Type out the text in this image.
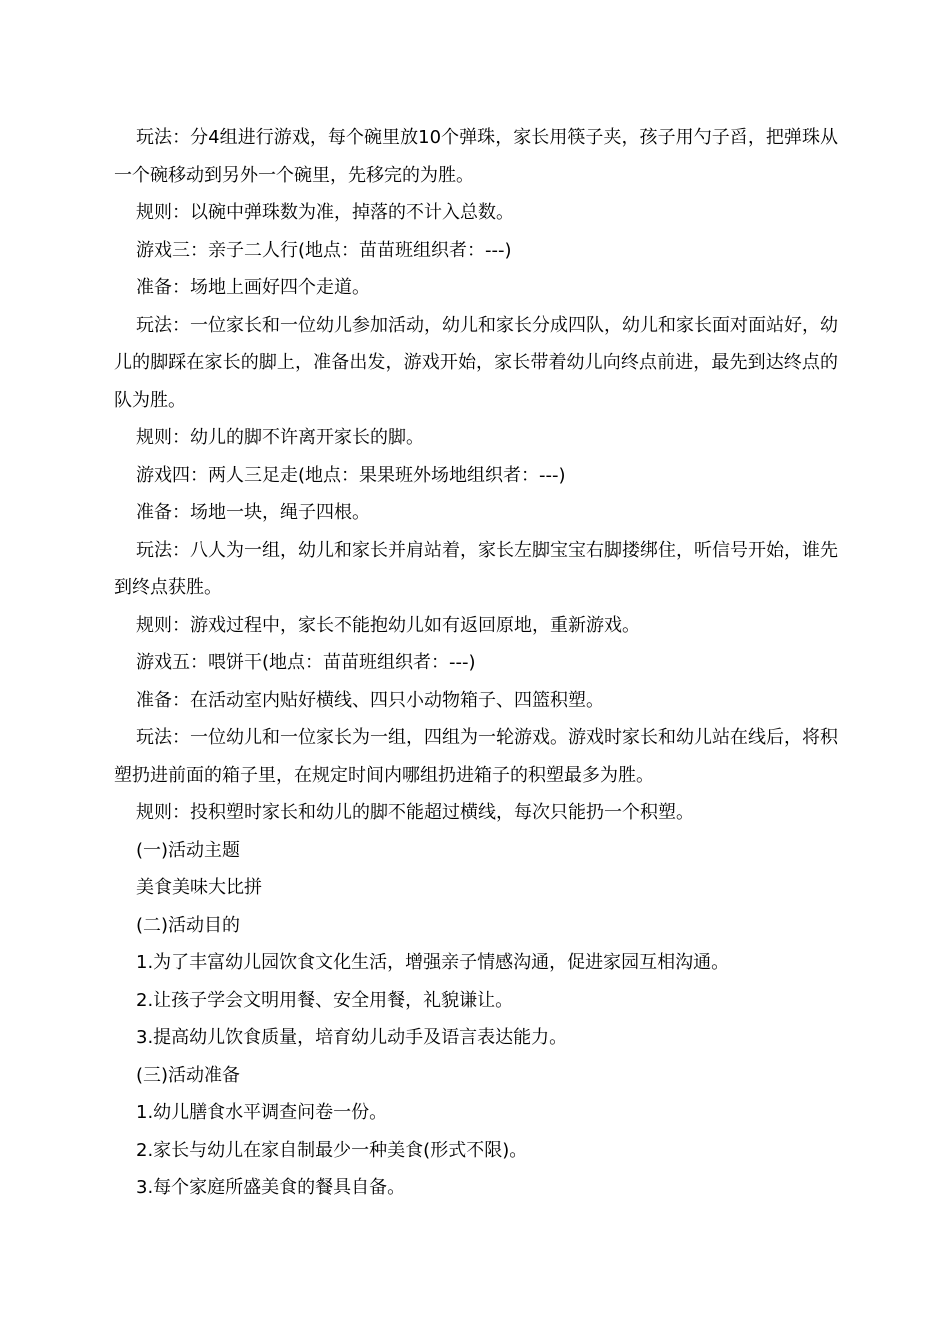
玩法：分4组进行游戏，每个碗里放10个弹珠，家长用筷子夹，孩子用勺子舀，把弹珠从一个碗移动到另外一个碗里，先移完的为胜。

规则：以碗中弹珠数为准，掉落的不计入总数。

游戏三：亲子二人行(地点：苗苗班组织者：---)

准备：场地上画好四个走道。

玩法：一位家长和一位幼儿参加活动，幼儿和家长分成四队，幼儿和家长面对面站好，幼儿的脚踩在家长的脚上，准备出发，游戏开始，家长带着幼儿向终点前进，最先到达终点的队为胜。

规则：幼儿的脚不许离开家长的脚。

游戏四：两人三足走(地点：果果班外场地组织者：---)

准备：场地一块，绳子四根。

玩法：八人为一组，幼儿和家长并肩站着，家长左脚宝宝右脚搂绑住，听信号开始，谁先到终点获胜。

规则：游戏过程中，家长不能抱幼儿如有返回原地，重新游戏。

游戏五：喂饼干(地点：苗苗班组织者：---)

准备：在活动室内贴好横线、四只小动物箱子、四篮积塑。

玩法：一位幼儿和一位家长为一组，四组为一轮游戏。游戏时家长和幼儿站在线后，将积塑扔进前面的箱子里，在规定时间内哪组扔进箱子的积塑最多为胜。

规则：投积塑时家长和幼儿的脚不能超过横线，每次只能扔一个积塑。

(一)活动主题

美食美味大比拼

(二)活动目的

1.为了丰富幼儿园饮食文化生活，增强亲子情感沟通，促进家园互相沟通。

2.让孩子学会文明用餐、安全用餐，礼貌谦让。

3.提高幼儿饮食质量，培育幼儿动手及语言表达能力。

(三)活动准备

1.幼儿膳食水平调查问卷一份。

2.家长与幼儿在家自制最少一种美食(形式不限)。

3.每个家庭所盛美食的餐具自备。
